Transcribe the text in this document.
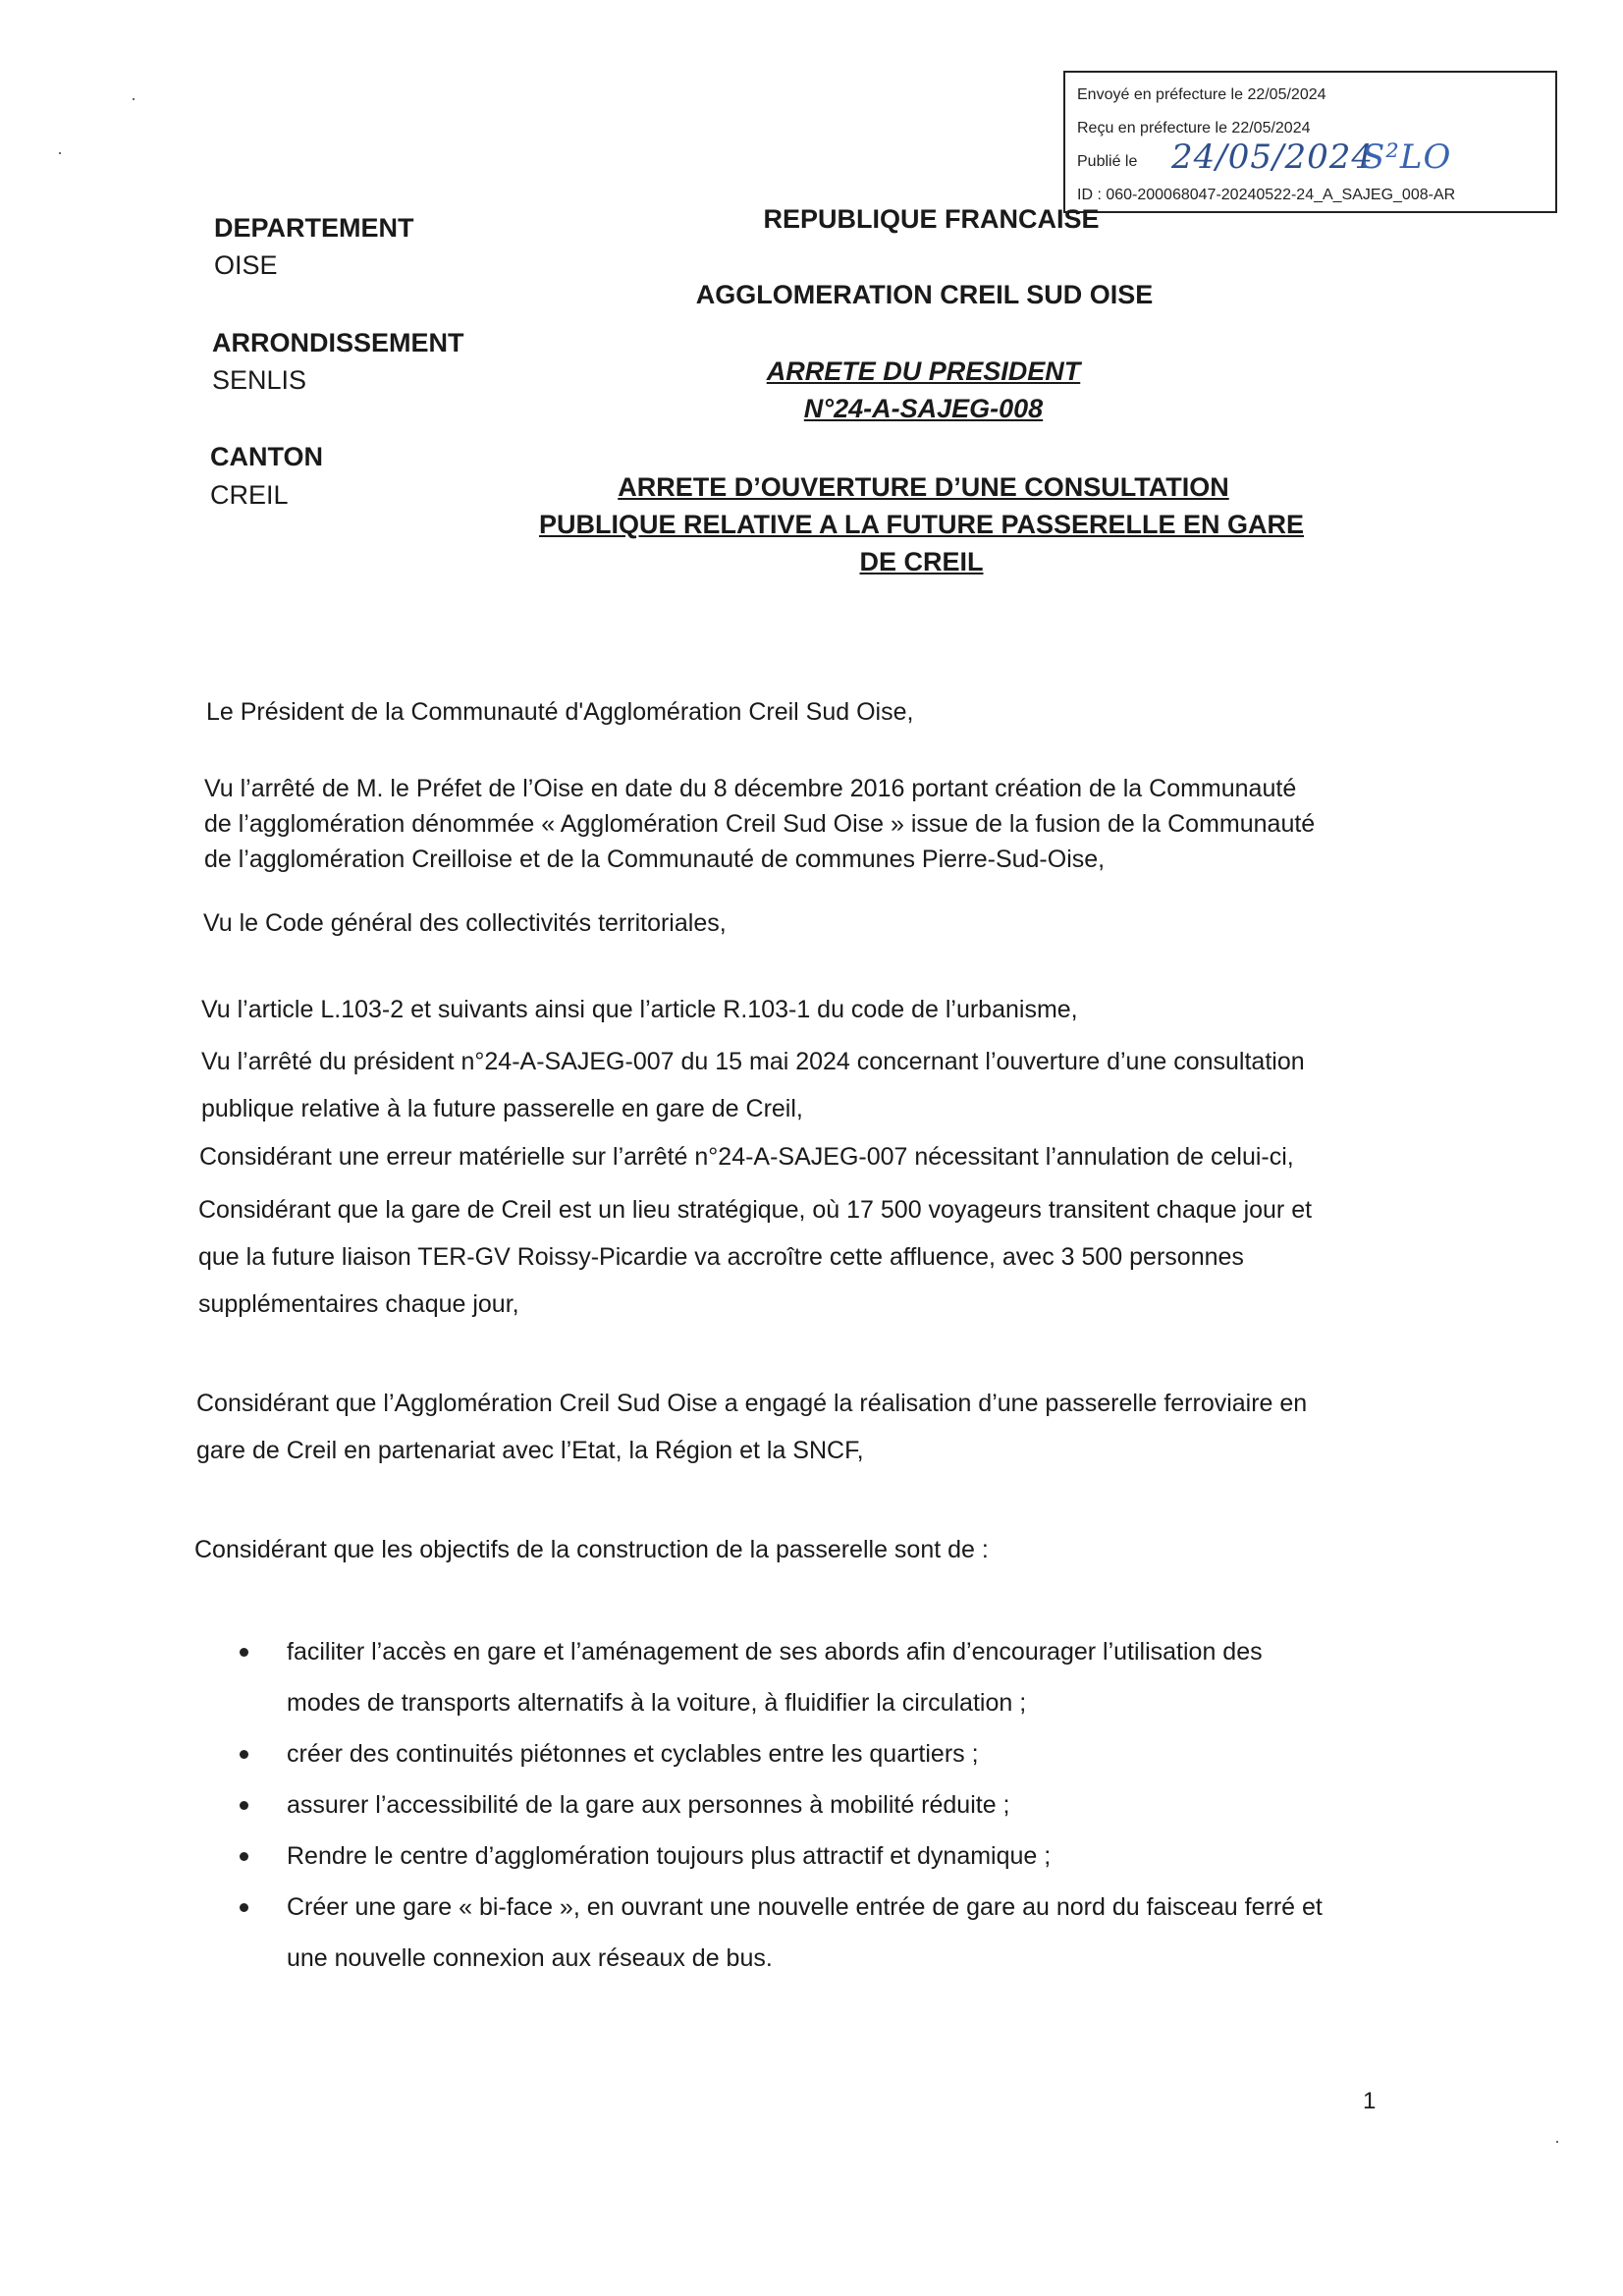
Envoyé en préfecture le 22/05/2024
Reçu en préfecture le 22/05/2024
Publié le 24/05/2024
S²LO
ID : 060-200068047-20240522-24_A_SAJEG_008-AR
DEPARTEMENT
OISE
ARRONDISSEMENT
SENLIS
CANTON
CREIL
REPUBLIQUE FRANCAISE
AGGLOMERATION CREIL SUD OISE
ARRETE DU PRESIDENT
N°24-A-SAJEG-008
ARRETE D’OUVERTURE D’UNE CONSULTATION
PUBLIQUE RELATIVE A LA FUTURE PASSERELLE EN GARE
DE CREIL
Le Président de la Communauté d'Agglomération Creil Sud Oise,
Vu l’arrêté de M. le Préfet de l’Oise en date du 8 décembre 2016 portant création de la Communauté
de l’agglomération dénommée « Agglomération Creil Sud Oise » issue de la fusion de la Communauté
de l’agglomération Creilloise et de la Communauté de communes Pierre-Sud-Oise,
Vu le Code général des collectivités territoriales,
Vu l’article L.103-2 et suivants ainsi que l’article R.103-1 du code de l’urbanisme,
Vu l’arrêté du président n°24-A-SAJEG-007 du 15 mai 2024 concernant l’ouverture d’une consultation
publique relative à la future passerelle en gare de Creil,
Considérant une erreur matérielle sur l’arrêté n°24-A-SAJEG-007 nécessitant l’annulation de celui-ci,
Considérant que la gare de Creil est un lieu stratégique, où 17 500 voyageurs transitent chaque jour et
que la future liaison TER-GV Roissy-Picardie va accroître cette affluence, avec 3 500 personnes
supplémentaires chaque jour,
Considérant que l’Agglomération Creil Sud Oise a engagé la réalisation d’une passerelle ferroviaire en
gare de Creil en partenariat avec l’Etat, la Région et la SNCF,
Considérant que les objectifs de la construction de la passerelle sont de :
faciliter l’accès en gare et l’aménagement de ses abords afin d’encourager l’utilisation des
modes de transports alternatifs à la voiture, à fluidifier la circulation ;
créer des continuités piétonnes et cyclables entre les quartiers ;
assurer l’accessibilité de la gare aux personnes à mobilité réduite ;
Rendre le centre d’agglomération toujours plus attractif et dynamique ;
Créer une gare « bi-face », en ouvrant une nouvelle entrée de gare au nord du faisceau ferré et
une nouvelle connexion aux réseaux de bus.
1
